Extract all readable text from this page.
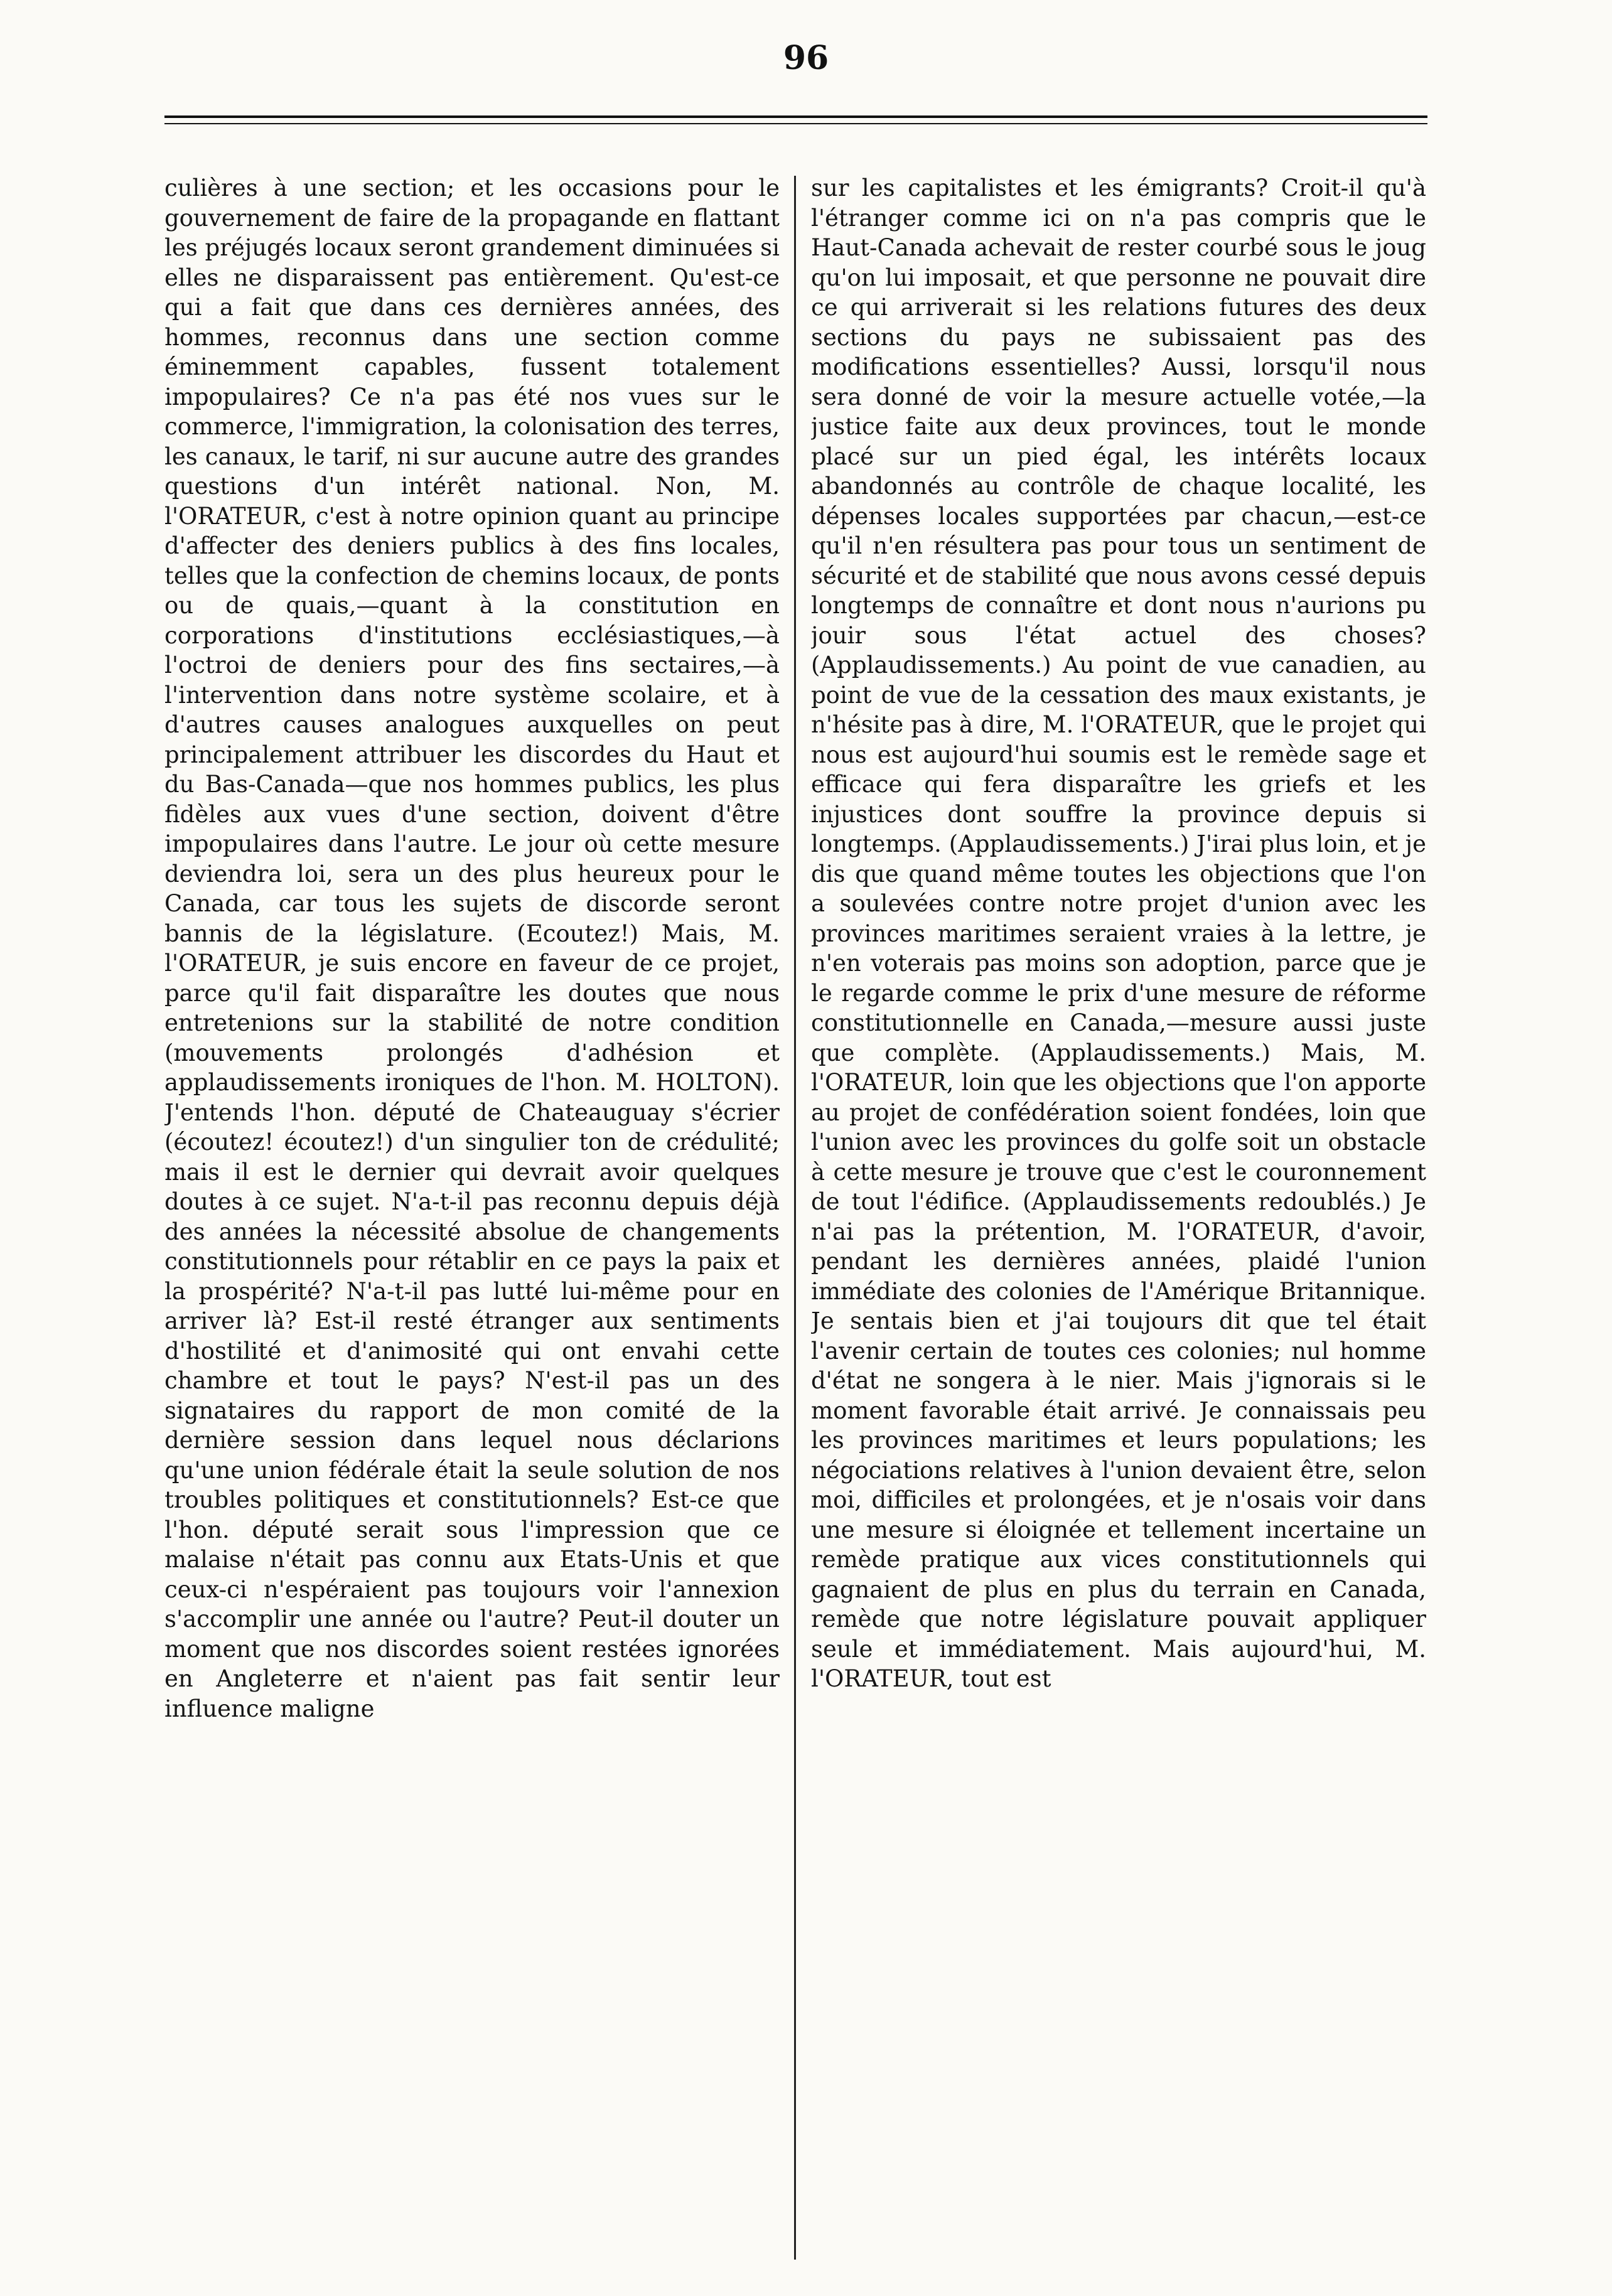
96

culières à une section; et les occasions pour le gouvernement de faire de la propagande en flattant les préjugés locaux seront grandement diminuées si elles ne disparaissent pas entièrement. Qu'est-ce qui a fait que dans ces dernières années, des hommes, reconnus dans une section comme éminemment capables, fussent totalement impopulaires? Ce n'a pas été nos vues sur le commerce, l'immigration, la colonisation des terres, les canaux, le tarif, ni sur aucune autre des grandes questions d'un intérêt national. Non, M. l'ORATEUR, c'est à notre opinion quant au principe d'affecter des deniers publics à des fins locales, telles que la confection de chemins locaux, de ponts ou de quais,—quant à la constitution en corporations d'institutions ecclésiastiques,—à l'octroi de deniers pour des fins sectaires,—à l'intervention dans notre système scolaire, et à d'autres causes analogues auxquelles on peut principalement attribuer les discordes du Haut et du Bas-Canada—que nos hommes publics, les plus fidèles aux vues d'une section, doivent d'être impopulaires dans l'autre. Le jour où cette mesure deviendra loi, sera un des plus heureux pour le Canada, car tous les sujets de discorde seront bannis de la législature. (Ecoutez!) Mais, M. l'ORATEUR, je suis encore en faveur de ce projet, parce qu'il fait disparaître les doutes que nous entretenions sur la stabilité de notre condition (mouvements prolongés d'adhésion et applaudissements ironiques de l'hon. M. HOLTON). J'entends l'hon. député de Chateauguay s'écrier (écoutez! écoutez!) d'un singulier ton de crédulité; mais il est le dernier qui devrait avoir quelques doutes à ce sujet. N'a-t-il pas reconnu depuis déjà des années la nécessité absolue de changements constitutionnels pour rétablir en ce pays la paix et la prospérité? N'a-t-il pas lutté lui-même pour en arriver là? Est-il resté étranger aux sentiments d'hostilité et d'animosité qui ont envahi cette chambre et tout le pays? N'est-il pas un des signataires du rapport de mon comité de la dernière session dans lequel nous déclarions qu'une union fédérale était la seule solution de nos troubles politiques et constitutionnels? Est-ce que l'hon. député serait sous l'impression que ce malaise n'était pas connu aux Etats-Unis et que ceux-ci n'espéraient pas toujours voir l'annexion s'accomplir une année ou l'autre? Peut-il douter un moment que nos discordes soient restées ignorées en Angleterre et n'aient pas fait sentir leur influence maligne

sur les capitalistes et les émigrants? Croit-il qu'à l'étranger comme ici on n'a pas compris que le Haut-Canada achevait de rester courbé sous le joug qu'on lui imposait, et que personne ne pouvait dire ce qui arriverait si les relations futures des deux sections du pays ne subissaient pas des modifications essentielles? Aussi, lorsqu'il nous sera donné de voir la mesure actuelle votée,—la justice faite aux deux provinces, tout le monde placé sur un pied égal, les intérêts locaux abandonnés au contrôle de chaque localité, les dépenses locales supportées par chacun,—est-ce qu'il n'en résultera pas pour tous un sentiment de sécurité et de stabilité que nous avons cessé depuis longtemps de connaître et dont nous n'aurions pu jouir sous l'état actuel des choses? (Applaudissements.) Au point de vue canadien, au point de vue de la cessation des maux existants, je n'hésite pas à dire, M. l'ORATEUR, que le projet qui nous est aujourd'hui soumis est le remède sage et efficace qui fera disparaître les griefs et les injustices dont souffre la province depuis si longtemps. (Applaudissements.) J'irai plus loin, et je dis que quand même toutes les objections que l'on a soulevées contre notre projet d'union avec les provinces maritimes seraient vraies à la lettre, je n'en voterais pas moins son adoption, parce que je le regarde comme le prix d'une mesure de réforme constitutionnelle en Canada,—mesure aussi juste que complète. (Applaudissements.) Mais, M. l'ORATEUR, loin que les objections que l'on apporte au projet de confédération soient fondées, loin que l'union avec les provinces du golfe soit un obstacle à cette mesure je trouve que c'est le couronnement de tout l'édifice. (Applaudissements redoublés.) Je n'ai pas la prétention, M. l'ORATEUR, d'avoir, pendant les dernières années, plaidé l'union immédiate des colonies de l'Amérique Britannique. Je sentais bien et j'ai toujours dit que tel était l'avenir certain de toutes ces colonies; nul homme d'état ne songera à le nier. Mais j'ignorais si le moment favorable était arrivé. Je connaissais peu les provinces maritimes et leurs populations; les négociations relatives à l'union devaient être, selon moi, difficiles et prolongées, et je n'osais voir dans une mesure si éloignée et tellement incertaine un remède pratique aux vices constitutionnels qui gagnaient de plus en plus du terrain en Canada, remède que notre législature pouvait appliquer seule et immédiatement. Mais aujourd'hui, M. l'ORATEUR, tout est
